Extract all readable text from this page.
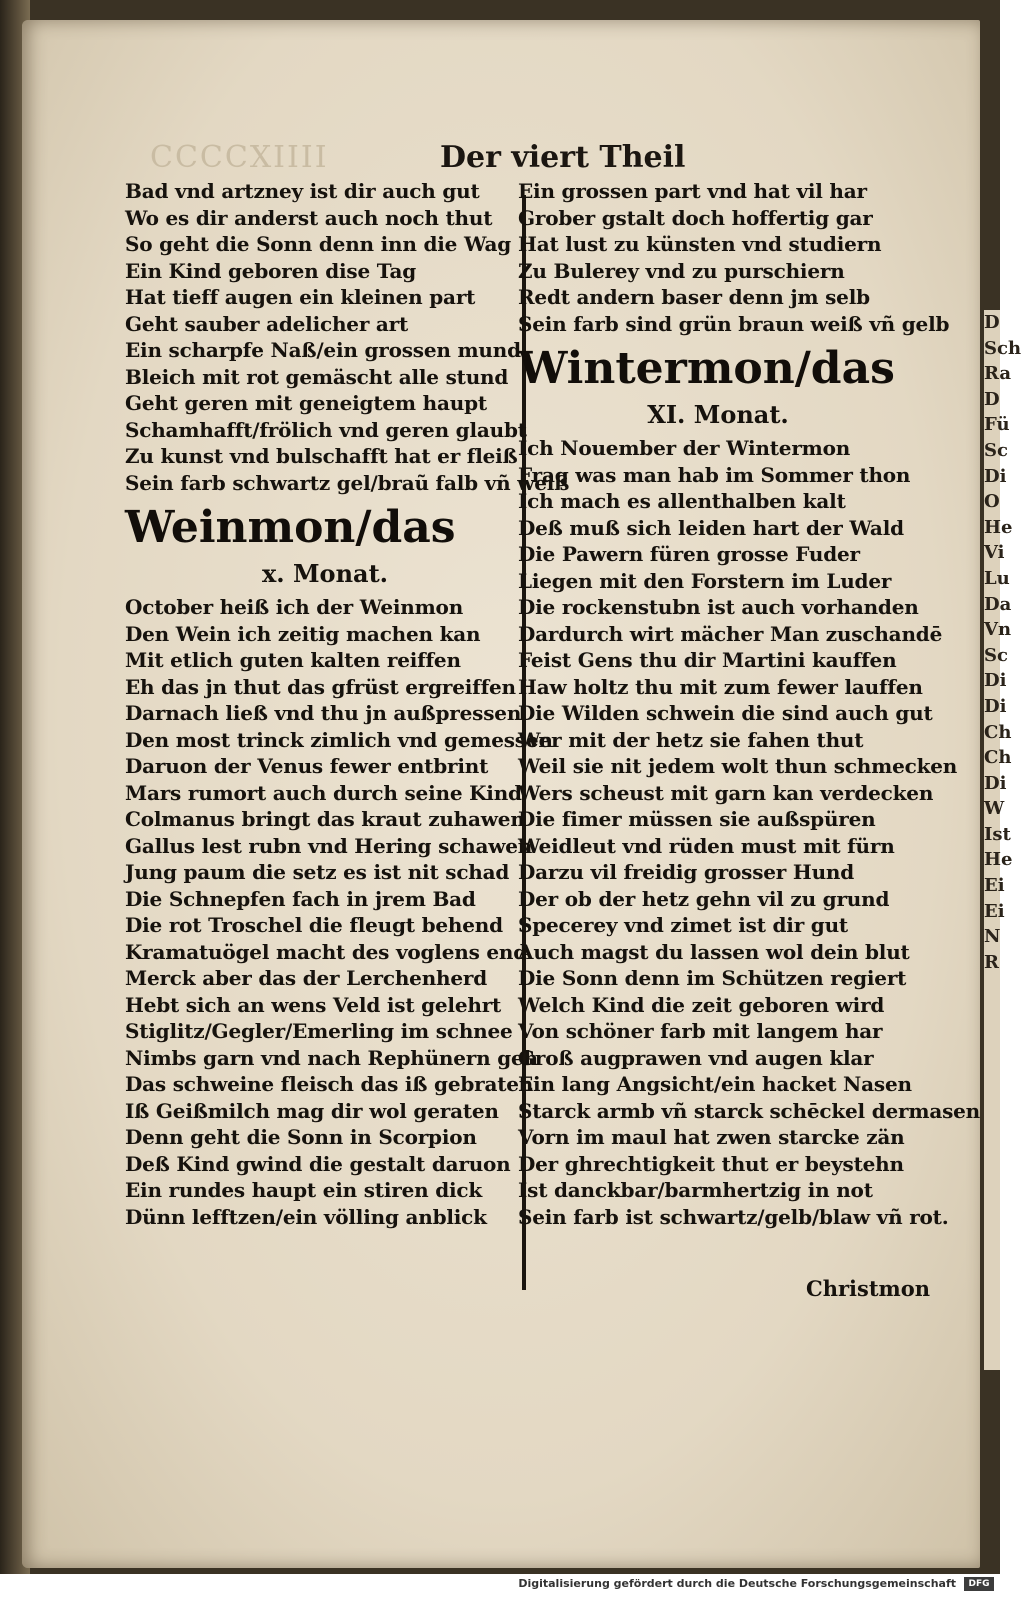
D
Sch
Ra
D
Fü
Sc
Di
O
He
Vi
Lu
Da
Vn
Sc
Di
Di
Ch
Ch
Di
W
Ist
He
Ei
Ei
N
R
CCCCXIIII	Der viert Theil
Bad vnd artzney ist dir auch gut
Wo es dir anderst auch noch thut
So geht die Sonn denn inn die Wag
Ein Kind geboren dise Tag
Hat tieff augen ein kleinen part
Geht sauber adelicher art
Ein scharpfe Naß/ein grossen mund
Bleich mit rot gemäscht alle stund
Geht geren mit geneigtem haupt
Schamhafft/frölich vnd geren glaubt
Zu kunst vnd bulschafft hat er fleiß
Sein farb schwartz gel/braũ falb vñ weiß
Weinmon/das
x. Monat.
October heiß ich der Weinmon
Den Wein ich zeitig machen kan
Mit etlich guten kalten reiffen
Eh das jn thut das gfrüst ergreiffen
Darnach ließ vnd thu jn außpressen
Den most trinck zimlich vnd gemessen
Daruon der Venus fewer entbrint
Mars rumort auch durch seine Kind
Colmanus bringt das kraut zuhawen
Gallus lest rubn vnd Hering schawen
Jung paum die setz es ist nit schad
Die Schnepfen fach in jrem Bad
Die rot Troschel die fleugt behend
Kramatuögel macht des voglens end
Merck aber das der Lerchenherd
Hebt sich an wens Veld ist gelehrt
Stiglitz/Gegler/Emerling im schnee
Nimbs garn vnd nach Rephünern geh
Das schweine fleisch das iß gebraten
Iß Geißmilch mag dir wol geraten
Denn geht die Sonn in Scorpion
Deß Kind gwind die gestalt daruon
Ein rundes haupt ein stiren dick
Dünn lefftzen/ein völling anblick
Ein grossen part vnd hat vil har
Grober gstalt doch hoffertig gar
Hat lust zu künsten vnd studiern
Zu Bulerey vnd zu purschiern
Redt andern baser denn jm selb
Sein farb sind grün braun weiß vñ gelb
Wintermon/das
XI. Monat.
Ich Nouember der Wintermon
Frag was man hab im Sommer thon
Ich mach es allenthalben kalt
Deß muß sich leiden hart der Wald
Die Pawern füren grosse Fuder
Liegen mit den Forstern im Luder
Die rockenstubn ist auch vorhanden
Dardurch wirt mächer Man zuschandē
Feist Gens thu dir Martini kauffen
Haw holtz thu mit zum fewer lauffen
Die Wilden schwein die sind auch gut
Wer mit der hetz sie fahen thut
Weil sie nit jedem wolt thun schmecken
Wers scheust mit garn kan verdecken
Die fimer müssen sie außspüren
Weidleut vnd rüden must mit fürn
Darzu vil freidig grosser Hund
Der ob der hetz gehn vil zu grund
Specerey vnd zimet ist dir gut
Auch magst du lassen wol dein blut
Die Sonn denn im Schützen regiert
Welch Kind die zeit geboren wird
Von schöner farb mit langem har
Groß augprawen vnd augen klar
Ein lang Angsicht/ein hacket Nasen
Starck armb vñ starck schēckel dermasen
Vorn im maul hat zwen starcke zän
Der ghrechtigkeit thut er beystehn
Ist danckbar/barmhertzig in not
Sein farb ist schwartz/gelb/blaw vñ rot.
Christmon
Digitalisierung gefördert durch die Deutsche Forschungsgemeinschaft	DFG
